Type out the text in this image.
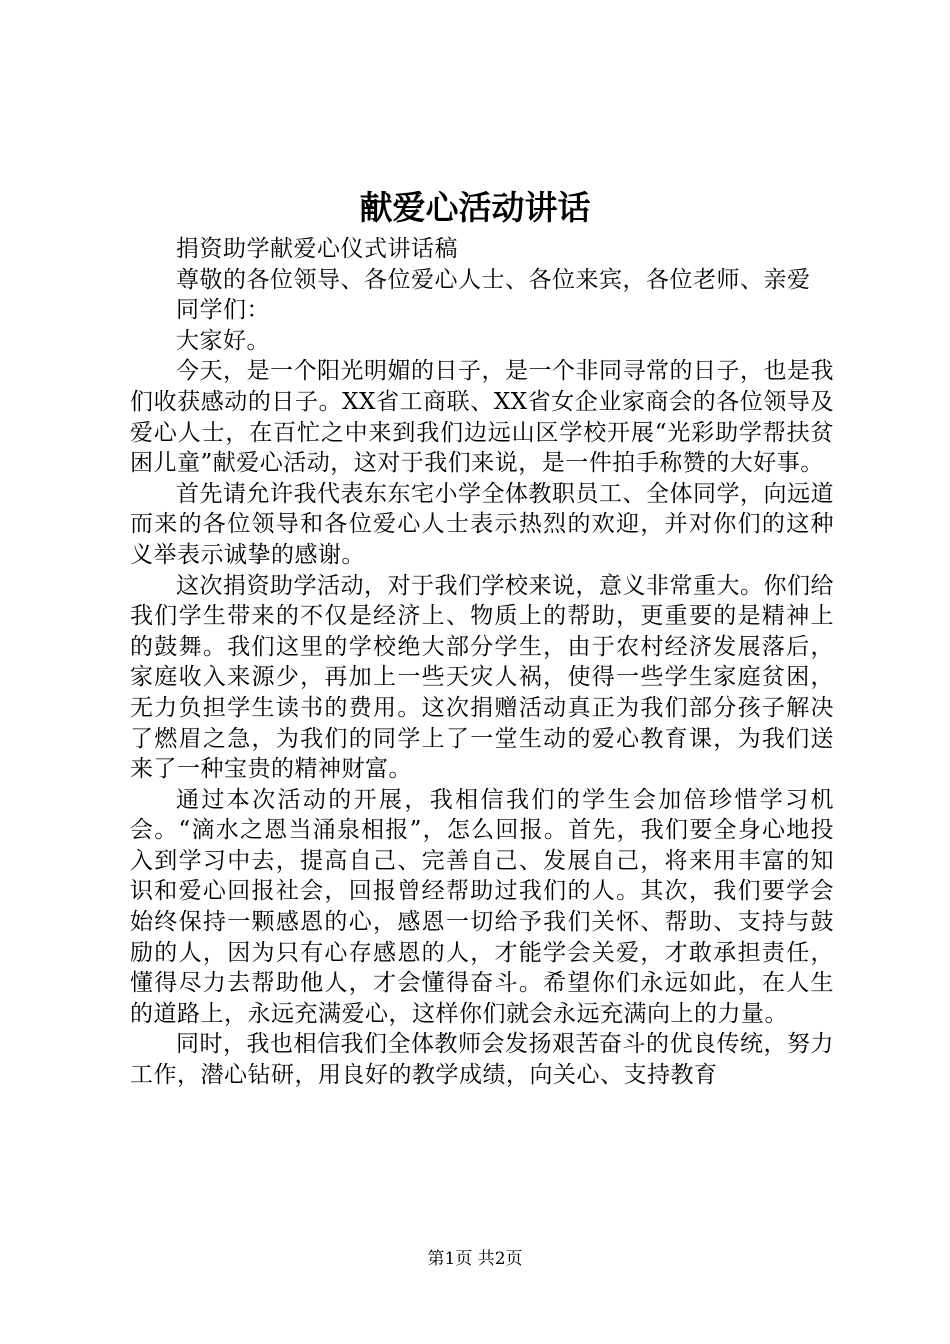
献爱心活动讲话

捐资助学献爱心仪式讲话稿

尊敬的各位领导、各位爱心人士、各位来宾，各位老师、亲爱

同学们：

大家好。

今天，是一个阳光明媚的日子，是一个非同寻常的日子，也是我们收获感动的日子。XX省工商联、XX省女企业家商会的各位领导及爱心人士，在百忙之中来到我们边远山区学校开展“光彩助学帮扶贫困儿童”献爱心活动，这对于我们来说，是一件拍手称赞的大好事。

首先请允许我代表东东宅小学全体教职员工、全体同学，向远道而来的各位领导和各位爱心人士表示热烈的欢迎，并对你们的这种义举表示诚挚的感谢。

这次捐资助学活动，对于我们学校来说，意义非常重大。你们给我们学生带来的不仅是经济上、物质上的帮助，更重要的是精神上的鼓舞。我们这里的学校绝大部分学生，由于农村经济发展落后，家庭收入来源少，再加上一些天灾人祸，使得一些学生家庭贫困，无力负担学生读书的费用。这次捐赠活动真正为我们部分孩子解决了燃眉之急，为我们的同学上了一堂生动的爱心教育课，为我们送来了一种宝贵的精神财富。

通过本次活动的开展，我相信我们的学生会加倍珍惜学习机会。“滴水之恩当涌泉相报”，怎么回报。首先，我们要全身心地投入到学习中去，提高自己、完善自己、发展自己，将来用丰富的知识和爱心回报社会，回报曾经帮助过我们的人。其次，我们要学会始终保持一颗感恩的心，感恩一切给予我们关怀、帮助、支持与鼓励的人，因为只有心存感恩的人，才能学会关爱，才敢承担责任，懂得尽力去帮助他人，才会懂得奋斗。希望你们永远如此，在人生的道路上，永远充满爱心，这样你们就会永远充满向上的力量。

同时，我也相信我们全体教师会发扬艰苦奋斗的优良传统，努力工作，潜心钻研，用良好的教学成绩，向关心、支持教育

第1页 共2页
